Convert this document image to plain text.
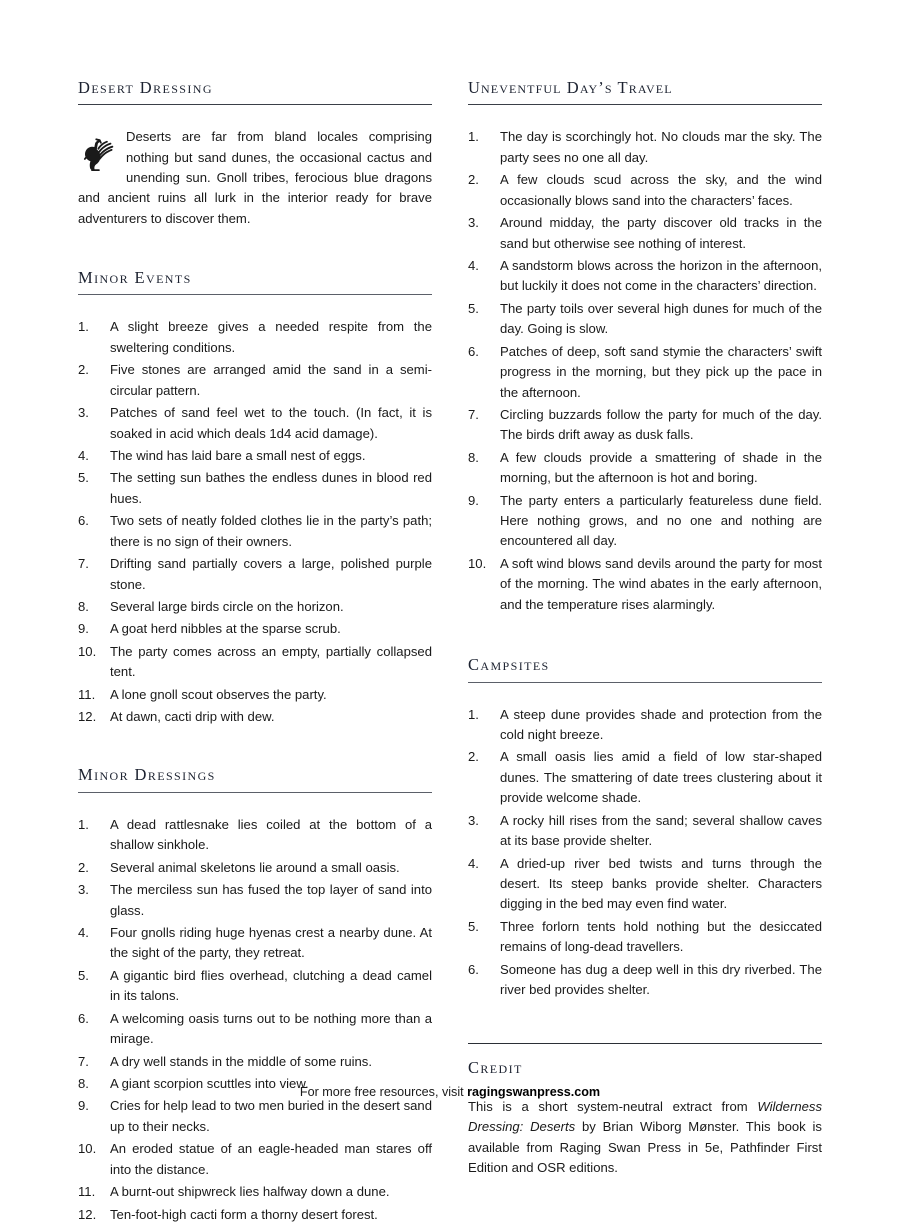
Desert Dressing

Deserts are far from bland locales comprising nothing but sand dunes, the occasional cactus and unending sun. Gnoll tribes, ferocious blue dragons and ancient ruins all lurk in the interior ready for brave adventurers to discover them.

Minor Events
A slight breeze gives a needed respite from the sweltering conditions.
Five stones are arranged amid the sand in a semi-circular pattern.
Patches of sand feel wet to the touch. (In fact, it is soaked in acid which deals 1d4 acid damage).
The wind has laid bare a small nest of eggs.
The setting sun bathes the endless dunes in blood red hues.
Two sets of neatly folded clothes lie in the party’s path; there is no sign of their owners.
Drifting sand partially covers a large, polished purple stone.
Several large birds circle on the horizon.
A goat herd nibbles at the sparse scrub.
The party comes across an empty, partially collapsed tent.
A lone gnoll scout observes the party.
At dawn, cacti drip with dew.
Minor Dressings
A dead rattlesnake lies coiled at the bottom of a shallow sinkhole.
Several animal skeletons lie around a small oasis.
The merciless sun has fused the top layer of sand into glass.
Four gnolls riding huge hyenas crest a nearby dune. At the sight of the party, they retreat.
A gigantic bird flies overhead, clutching a dead camel in its talons.
A welcoming oasis turns out to be nothing more than a mirage.
A dry well stands in the middle of some ruins.
A giant scorpion scuttles into view.
Cries for help lead to two men buried in the desert sand up to their necks.
An eroded statue of an eagle-headed man stares off into the distance.
A burnt-out shipwreck lies halfway down a dune.
Ten-foot-high cacti form a thorny desert forest.
Uneventful Day’s Travel
The day is scorchingly hot. No clouds mar the sky. The party sees no one all day.
A few clouds scud across the sky, and the wind occasionally blows sand into the characters’ faces.
Around midday, the party discover old tracks in the sand but otherwise see nothing of interest.
A sandstorm blows across the horizon in the afternoon, but luckily it does not come in the characters’ direction.
The party toils over several high dunes for much of the day. Going is slow.
Patches of deep, soft sand stymie the characters’ swift progress in the morning, but they pick up the pace in the afternoon.
Circling buzzards follow the party for much of the day. The birds drift away as dusk falls.
A few clouds provide a smattering of shade in the morning, but the afternoon is hot and boring.
The party enters a particularly featureless dune field. Here nothing grows, and no one and nothing are encountered all day.
A soft wind blows sand devils around the party for most of the morning. The wind abates in the early afternoon, and the temperature rises alarmingly.
Campsites
A steep dune provides shade and protection from the cold night breeze.
A small oasis lies amid a field of low star-shaped dunes. The smattering of date trees clustering about it provide welcome shade.
A rocky hill rises from the sand; several shallow caves at its base provide shelter.
A dried-up river bed twists and turns through the desert. Its steep banks provide shelter. Characters digging in the bed may even find water.
Three forlorn tents hold nothing but the desiccated remains of long-dead travellers.
Someone has dug a deep well in this dry riverbed. The river bed provides shelter.
Credit

This is a short system-neutral extract from Wilderness Dressing: Deserts by Brian Wiborg Mønster. This book is available from Raging Swan Press in 5e, Pathfinder First Edition and OSR editions.

For more free resources, visit ragingswanpress.com
